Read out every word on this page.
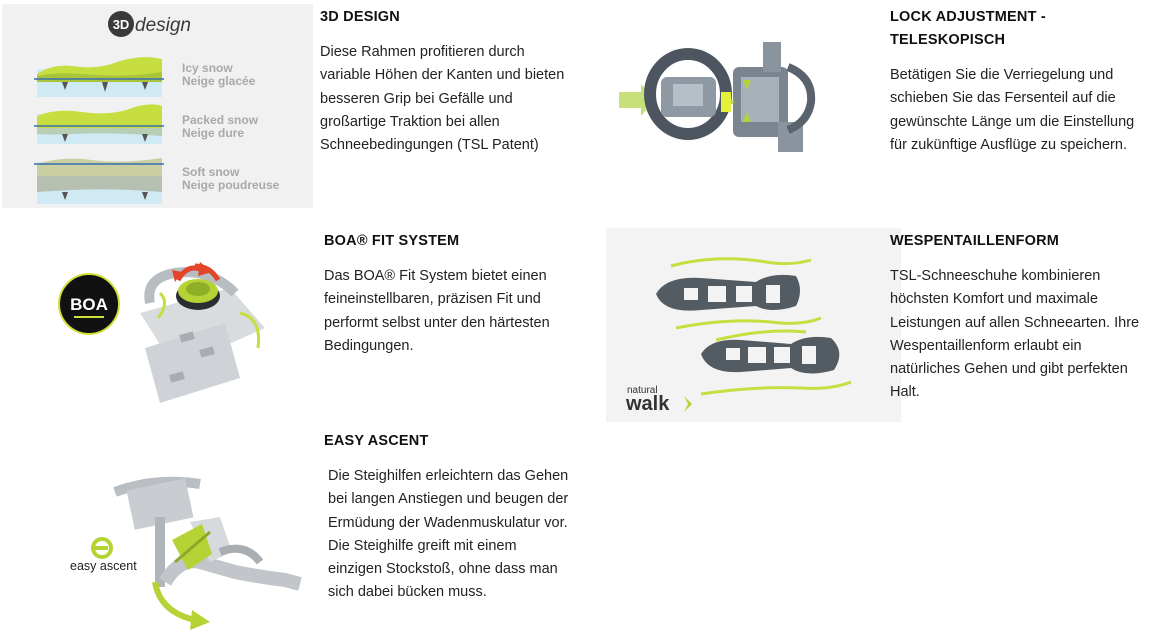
3D design
Icy snow
Neige glacée
Packed snow
Neige dure
Soft snow
Neige poudreuse
3D DESIGN
Diese Rahmen profitieren durch variable Höhen der Kanten und bieten besseren Grip bei Gefälle und großartige Traktion bei allen Schneebedingungen (TSL Patent)
LOCK ADJUSTMENT -
TELESKOPISCH
Betätigen Sie die Verriegelung und schieben Sie das Fersenteil auf die gewünschte Länge um die Einstellung für zukünftige Ausflüge zu speichern.
BOA
BOA® FIT SYSTEM
Das BOA® Fit System bietet einen feineinstellbaren, präzisen Fit und performt selbst unter den härtesten Bedingungen.
natural
walk
WESPENTAILLENFORM
TSL-Schneeschuhe kombinieren höchsten Komfort und maximale Leistungen auf allen Schneearten. Ihre Wespentaillenform erlaubt ein natürliches Gehen und gibt perfekten Halt.
easy ascent
EASY ASCENT
Die Steighilfen erleichtern das Gehen bei langen Anstiegen und beugen der Ermüdung der Wadenmuskulatur vor. Die Steighilfe greift mit einem einzigen Stockstoß, ohne dass man sich dabei bücken muss.
